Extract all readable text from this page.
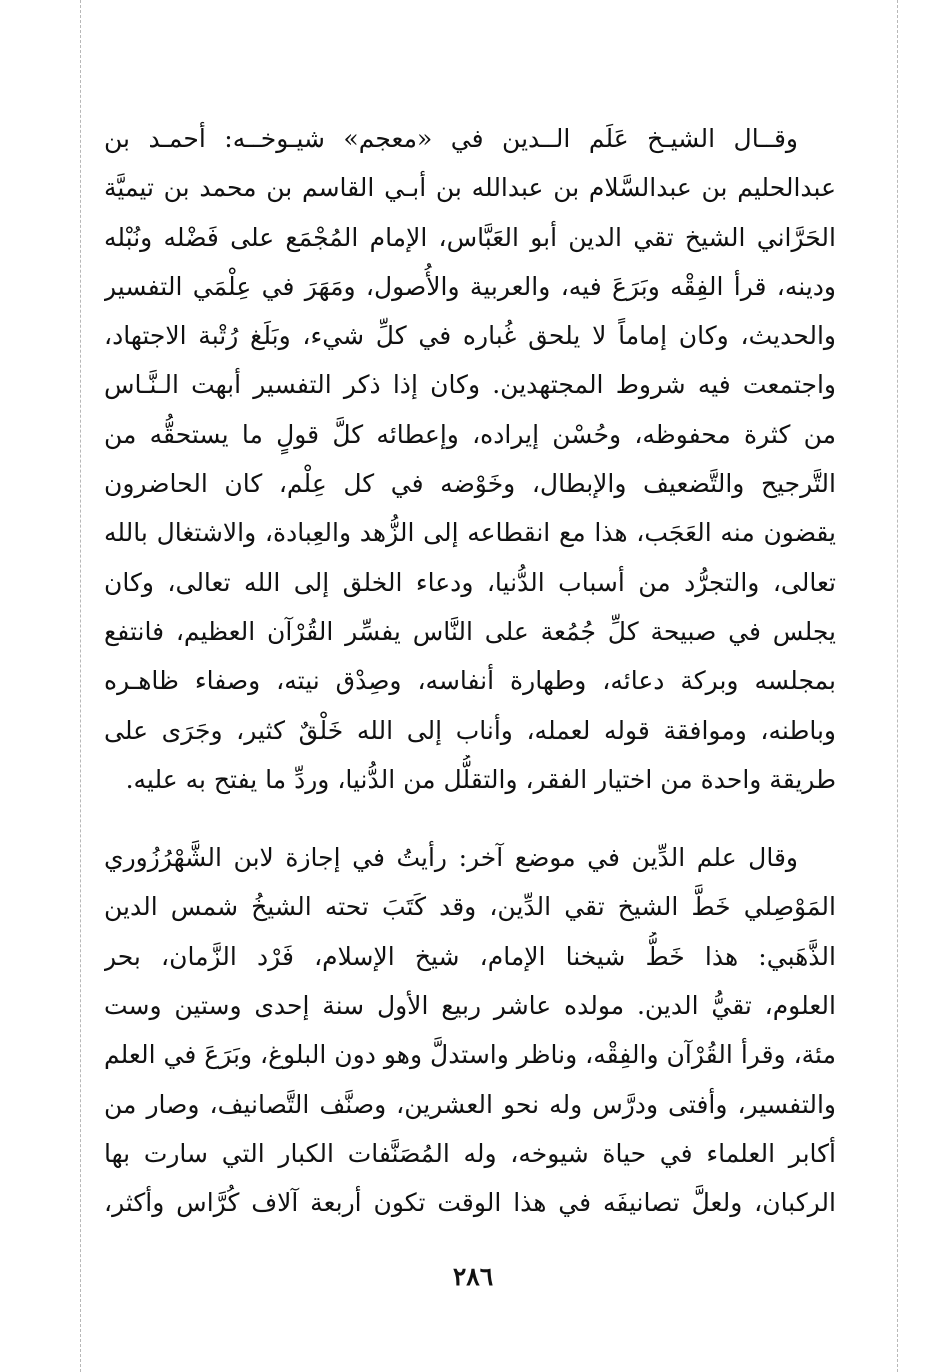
وقــال الشيـخ عَلَم الــدين في «معجم» شيـوخــه: أحمـد بن
عبدالحليم بن عبدالسَّلام بن عبدالله بن أبـي القاسم بن محمد بن تيميَّة
الحَرَّاني الشيخ تقي الدين أبو العَبَّاس، الإمام المُجْمَع على فَضْله ونُبْله
ودينه، قرأ الفِقْه وبَرَعَ فيه، والعربية والأُصول، ومَهَرَ في عِلْمَي التفسير
والحديث، وكان إماماً لا يلحق غُباره في كلِّ شيء، وبَلَغ رُتْبة الاجتهاد،
واجتمعت فيه شروط المجتهدين. وكان إذا ذكر التفسير أبهت الـنَّـاس
من كثرة محفوظه، وحُسْن إيراده، وإعطائه كلَّ قولٍ ما يستحقُّه من
التَّرجيح والتَّضعيف والإبطال، وخَوْضه في كل عِلْم، كان الحاضرون
يقضون منه العَجَب، هذا مع انقطاعه إلى الزُّهد والعِبادة، والاشتغال بالله
تعالى، والتجرُّد من أسباب الدُّنيا، ودعاء الخلق إلى الله تعالى، وكان
يجلس في صبيحة كلِّ جُمُعة على النَّاس يفسِّر القُرْآن العظيم، فانتفع
بمجلسه وبركة دعائه، وطهارة أنفاسه، وصِدْق نيته، وصفاء ظاهـره
وباطنه، وموافقة قوله لعمله، وأناب إلى الله خَلْقٌ كثير، وجَرَى على
طريقة واحدة من اختيار الفقر، والتقلُّل من الدُّنيا، وردِّ ما يفتح به عليه.
وقال علم الدِّين في موضع آخر: رأيتُ في إجازة لابن الشَّهْرُزُوري
المَوْصِلي خَطَّ الشيخ تقي الدِّين، وقد كَتَبَ تحته الشيخُ شمس الدين
الذَّهَبي: هذا خَطُّ شيخنا الإمام، شيخ الإسلام، فَرْد الزَّمان، بحر
العلوم، تقيُّ الدين. مولده عاشر ربيع الأول سنة إحدى وستين وست
مئة، وقرأ القُرْآن والفِقْه، وناظر واستدلَّ وهو دون البلوغ، وبَرَعَ في العلم
والتفسير، وأفتى ودرَّس وله نحو العشرين، وصنَّف التَّصانيف، وصار من
أكابر العلماء في حياة شيوخه، وله المُصَنَّفات الكبار التي سارت بها
الركبان، ولعلَّ تصانيفَه في هذا الوقت تكون أربعة آلاف كُرَّاس وأكثر،
٢٨٦
